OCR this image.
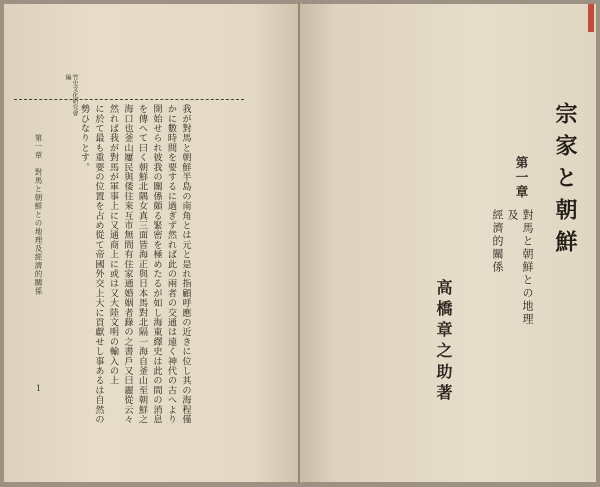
竹史文化研究會編
我が對馬と朝鮮半島の南角とは元と是れ指顧呼應の近きに位し其の海程僅
かに數時間を要するに過ぎず然れば此の兩者の交通は遠く神代の古へより
開始せられ彼我の關係頗る緊密を極めたるが如し海東繹史は此の間の消息
を傳へて曰く朝鮮北隅女真三面皆海正與日本馬對北隔一海自釜山至朝鮮之
海口也釜山屢民與倭往來互市無間有住家通婚姻者錄の之書戶又曰麗從云々
然れば我が對馬が軍事上に又通商上に或は又大陸文明の輸入の上
に於て最も重要の位置を占め從て帝國外交上大に貢獻せし事あるは自然の
勢ひなりとす。
第一章　對馬と朝鮮との地理及經濟的關係
1
宗家と朝鮮
第一章
對馬と朝鮮との地理及
經濟的關係
高橋章之助著
